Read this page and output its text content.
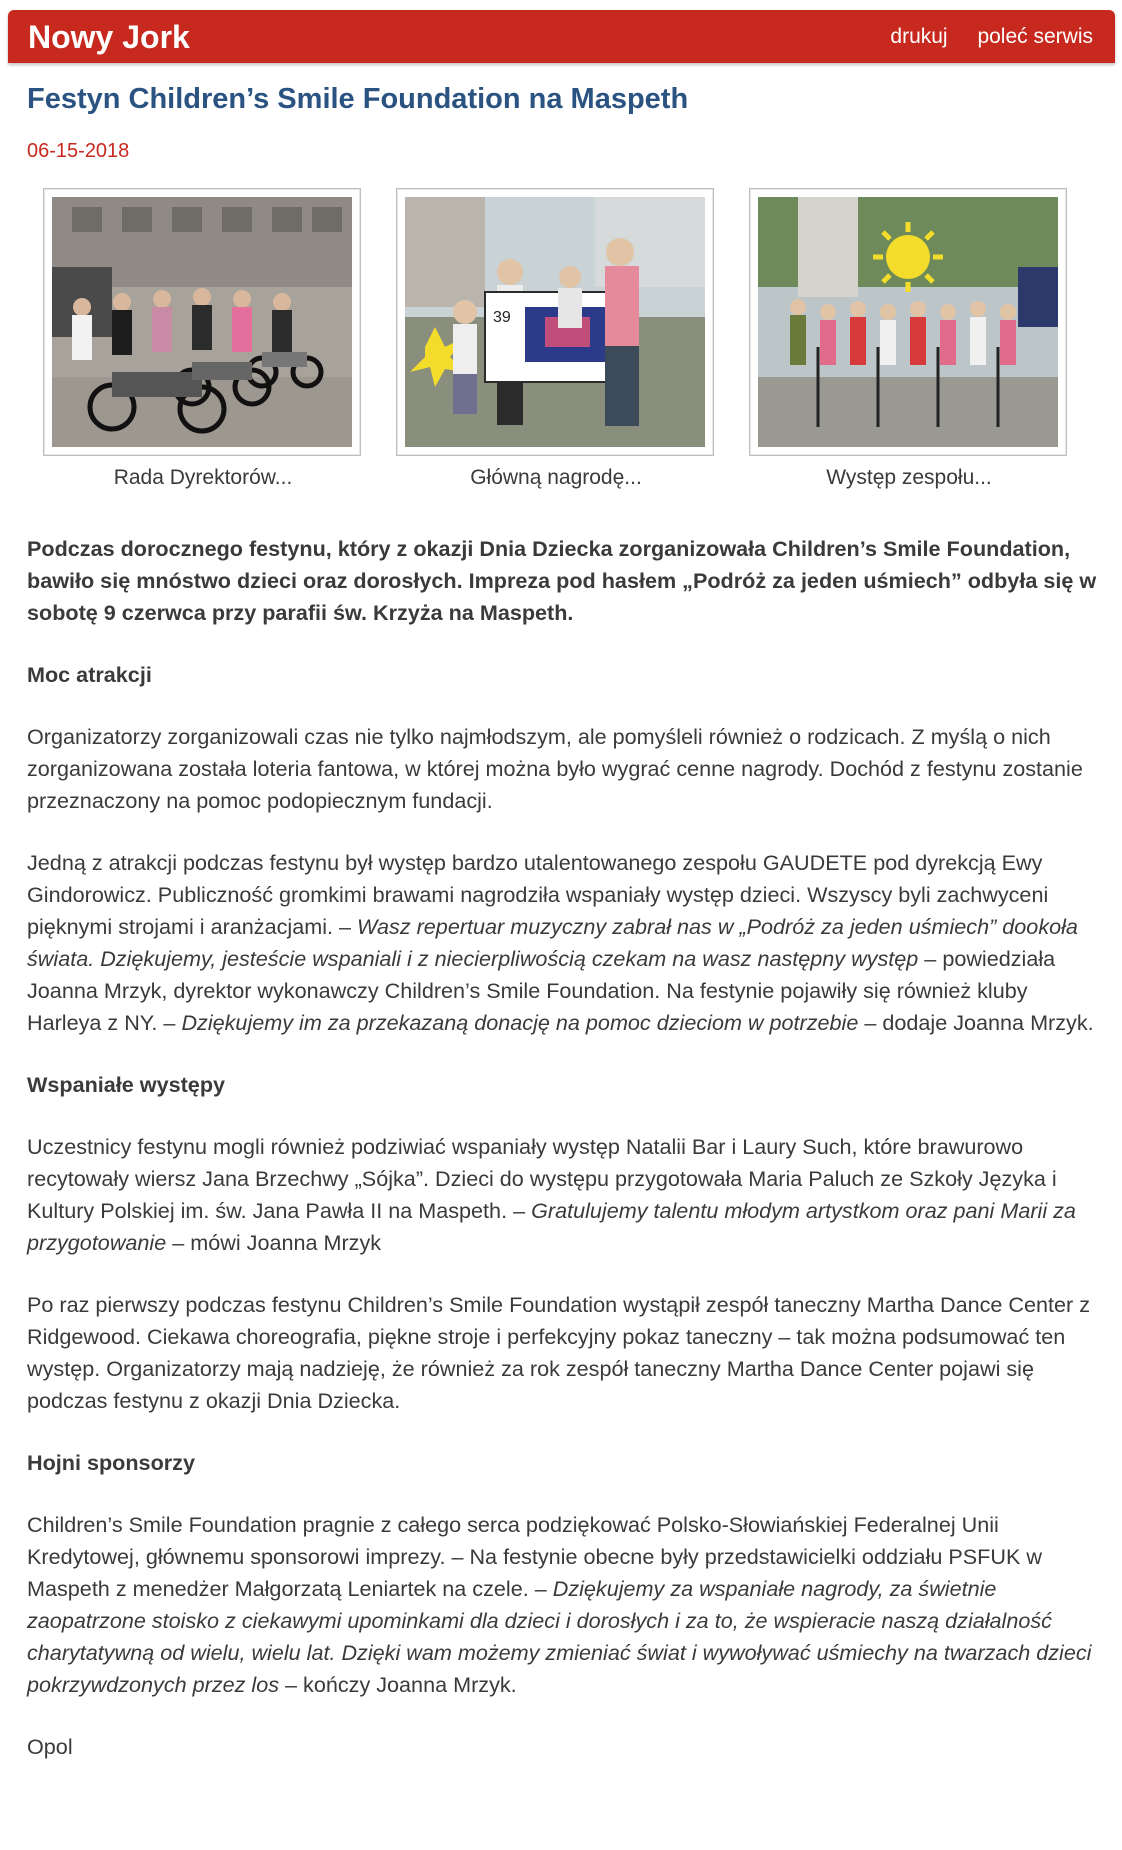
Nowy Jork	drukuj poleć serwis
Festyn Children’s Smile Foundation na Maspeth
06-15-2018
Rada Dyrektorów...
39
Główną nagrodę...	Występ zespołu...

Podczas dorocznego festynu, który z okazji Dnia Dziecka zorganizowała Children’s Smile Foundation, bawiło się mnóstwo dzieci oraz dorosłych. Impreza pod hasłem „Podróż za jeden uśmiech” odbyła się w sobotę 9 czerwca przy parafii św. Krzyża na Maspeth.

Moc atrakcji

Organizatorzy zorganizowali czas nie tylko najmłodszym, ale pomyśleli również o rodzicach. Z myślą o nich zorganizowana została loteria fantowa, w której można było wygrać cenne nagrody. Dochód z festynu zostanie przeznaczony na pomoc podopiecznym fundacji.

Jedną z atrakcji podczas festynu był występ bardzo utalentowanego zespołu GAUDETE pod dyrekcją Ewy Gindorowicz. Publiczność gromkimi brawami nagrodziła wspaniały występ dzieci. Wszyscy byli zachwyceni pięknymi strojami i aranżacjami. – Wasz repertuar muzyczny zabrał nas w „Podróż za jeden uśmiech” dookoła świata. Dziękujemy, jesteście wspaniali i z niecierpliwością czekam na wasz następny występ – powiedziała Joanna Mrzyk, dyrektor wykonawczy Children’s Smile Foundation. Na festynie pojawiły się również kluby Harleya z NY. – Dziękujemy im za przekazaną donację na pomoc dzieciom w potrzebie – dodaje Joanna Mrzyk.

Wspaniałe występy

Uczestnicy festynu mogli również podziwiać wspaniały występ Natalii Bar i Laury Such, które brawurowo recytowały wiersz Jana Brzechwy „Sójka”. Dzieci do występu przygotowała Maria Paluch ze Szkoły Języka i Kultury Polskiej im. św. Jana Pawła II na Maspeth. – Gratulujemy talentu młodym artystkom oraz pani Marii za przygotowanie – mówi Joanna Mrzyk

Po raz pierwszy podczas festynu Children’s Smile Foundation wystąpił zespół taneczny Martha Dance Center z Ridgewood. Ciekawa choreografia, piękne stroje i perfekcyjny pokaz taneczny – tak można podsumować ten występ. Organizatorzy mają nadzieję, że również za rok zespół taneczny Martha Dance Center pojawi się podczas festynu z okazji Dnia Dziecka.

Hojni sponsorzy

Children’s Smile Foundation pragnie z całego serca podziękować Polsko-Słowiańskiej Federalnej Unii Kredytowej, głównemu sponsorowi imprezy. – Na festynie obecne były przedstawicielki oddziału PSFUK w Maspeth z menedżer Małgorzatą Leniartek na czele. – Dziękujemy za wspaniałe nagrody, za świetnie zaopatrzone stoisko z ciekawymi upominkami dla dzieci i dorosłych i za to, że wspieracie naszą działalność charytatywną od wielu, wielu lat. Dzięki wam możemy zmieniać świat i wywoływać uśmiechy na twarzach dzieci pokrzywdzonych przez los – kończy Joanna Mrzyk.

Opol
